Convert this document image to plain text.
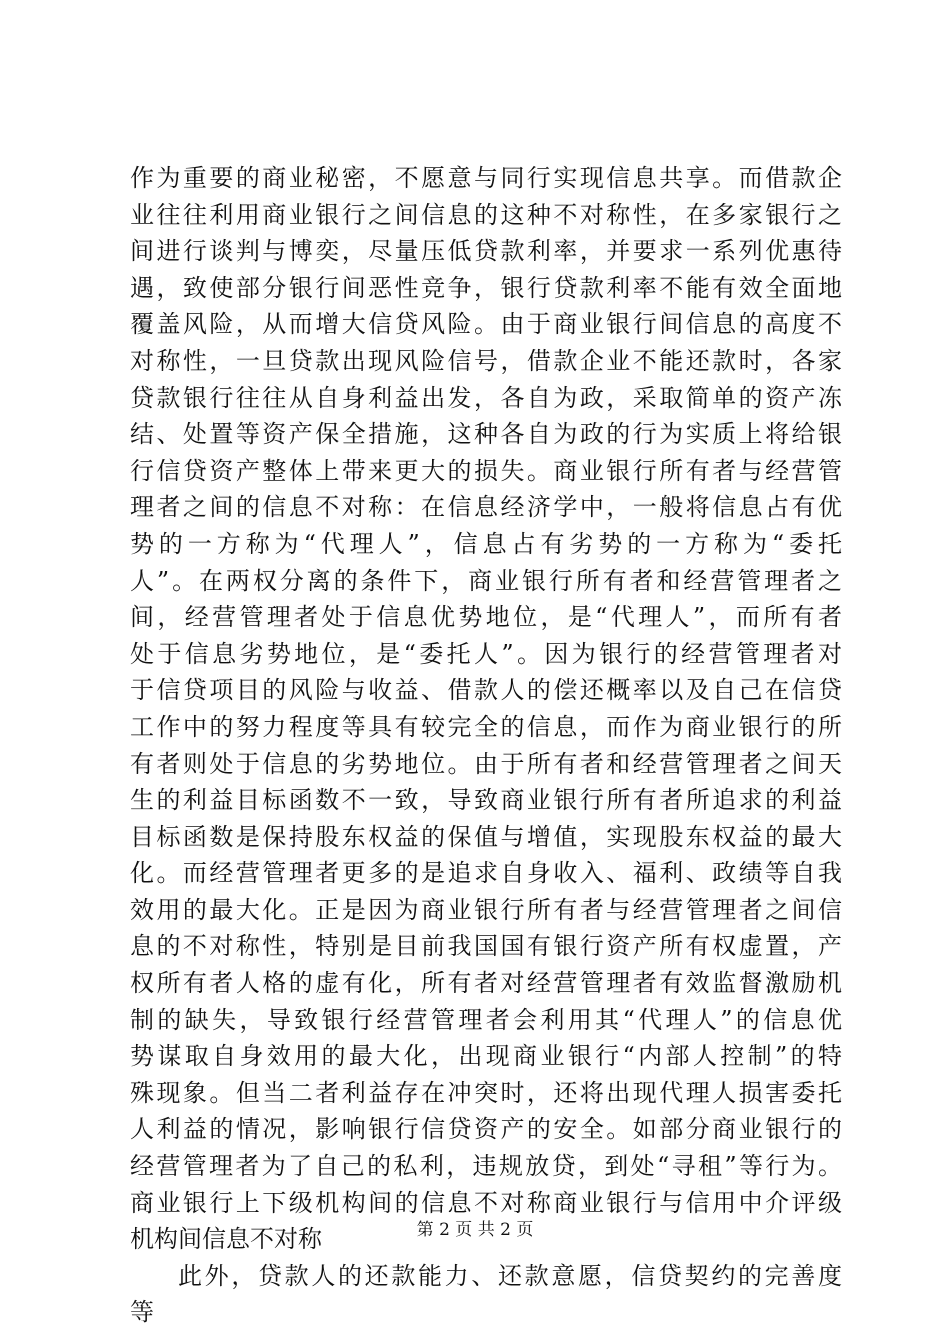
作为重要的商业秘密，不愿意与同行实现信息共享。而借款企
业往往利用商业银行之间信息的这种不对称性，在多家银行之
间进行谈判与博奕，尽量压低贷款利率，并要求一系列优惠待
遇，致使部分银行间恶性竞争，银行贷款利率不能有效全面地
覆盖风险，从而增大信贷风险。由于商业银行间信息的高度不
对称性，一旦贷款出现风险信号，借款企业不能还款时，各家
贷款银行往往从自身利益出发，各自为政，采取简单的资产冻
结、处置等资产保全措施，这种各自为政的行为实质上将给银
行信贷资产整体上带来更大的损失。商业银行所有者与经营管
理者之间的信息不对称：在信息经济学中，一般将信息占有优
势的一方称为“代理人”，信息占有劣势的一方称为“委托
人”。在两权分离的条件下，商业银行所有者和经营管理者之
间，经营管理者处于信息优势地位，是“代理人”，而所有者
处于信息劣势地位，是“委托人”。因为银行的经营管理者对
于信贷项目的风险与收益、借款人的偿还概率以及自己在信贷
工作中的努力程度等具有较完全的信息，而作为商业银行的所
有者则处于信息的劣势地位。由于所有者和经营管理者之间天
生的利益目标函数不一致，导致商业银行所有者所追求的利益
目标函数是保持股东权益的保值与增值，实现股东权益的最大
化。而经营管理者更多的是追求自身收入、福利、政绩等自我
效用的最大化。正是因为商业银行所有者与经营管理者之间信
息的不对称性，特别是目前我国国有银行资产所有权虚置，产
权所有者人格的虚有化，所有者对经营管理者有效监督激励机
制的缺失，导致银行经营管理者会利用其“代理人”的信息优
势谋取自身效用的最大化，出现商业银行“内部人控制”的特
殊现象。但当二者利益存在冲突时，还将出现代理人损害委托
人利益的情况，影响银行信贷资产的安全。如部分商业银行的
经营管理者为了自己的私利，违规放贷，到处“寻租”等行为。
商业银行上下级机构间的信息不对称商业银行与信用中介评级
机构间信息不对称
此外，贷款人的还款能力、还款意愿，信贷契约的完善度
等
第 2 页 共 2 页
